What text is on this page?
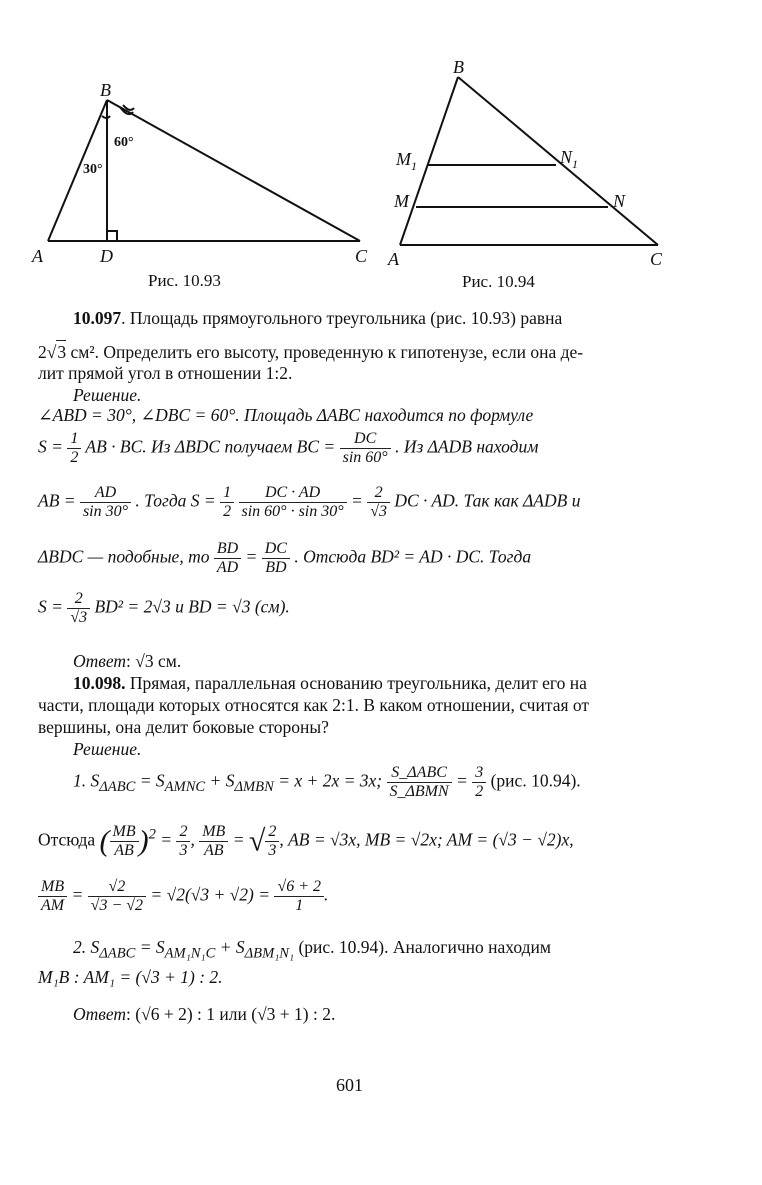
B
A	D	C
60°
30°
Рис. 10.93
B
$M_1$	$N_1$
M	N
A	C
Рис. 10.94
10.097. Площадь прямоугольного треугольника (рис. 10.93) равна
2√3 см². Определить его высоту, проведенную к гипотенузе, если она де-
лит прямой угол в отношении 1:2.
Решение.
∠ABD = 30°, ∠DBC = 60°. Площадь ΔABC находится по формуле
$S = \frac{1}{2}$ AB · BC. Из ΔBDC получаем BC = $\frac{DC}{\sin 60^\circ}$ . Из ΔADB находим
AB = $\frac{AD}{\sin 30^\circ}$ . Тогда $S = \frac{1}{2}$
$\frac{DC \cdot AD}{\sin 60^\circ \cdot \sin 30^\circ} = \frac{2}{√3}$ DC · AD. Так как ΔADB и
ΔBDC — подобные, то $\frac{BD}{AD} = \frac{DC}{BD}$ . Отсюда BD² = AD · DC. Тогда
$S = \frac{2}{√3} BD^2 = 2√3$ и BD = √3 (см).
Ответ: √3 см.
10.098. Прямая, параллельная основанию треугольника, делит его на
части, площади которых относятся как 2:1. В каком отношении, считая от
вершины, она делит боковые стороны?
Решение.
1. $S_{\Delta ABC} = S_{AMNC} + S_{\Delta MBN} = x + 2x = 3x$; $\frac{\text{S\_ΔABC}}{\text{S\_ΔBMN}} = \frac{3}{2} (рис$. 10.94).
Отсюда ( $\frac{MB}{AB} )^2 = \frac{2}{3}$ , $\frac{MB}{AB}$ = √ $\frac{2}{3}$ , AB = √3x, MB = √2x; AM = (√3 − √2)x,
$\frac{MB}{AM} = \frac{√2}{√3 - √2} = √2(√3 + √2) = \frac{√6 + 2}{1}$ .
2. $S_{\Delta ABC} = S_{AM_1N_1C} + S_{\Delta BM_1N_1}$ (рис. 10.94). Аналогично находим
M₁B : AM₁ = (√3 + 1) : 2.
Ответ: (√6 + 2) : 1 или (√3 + 1) : 2.
601
